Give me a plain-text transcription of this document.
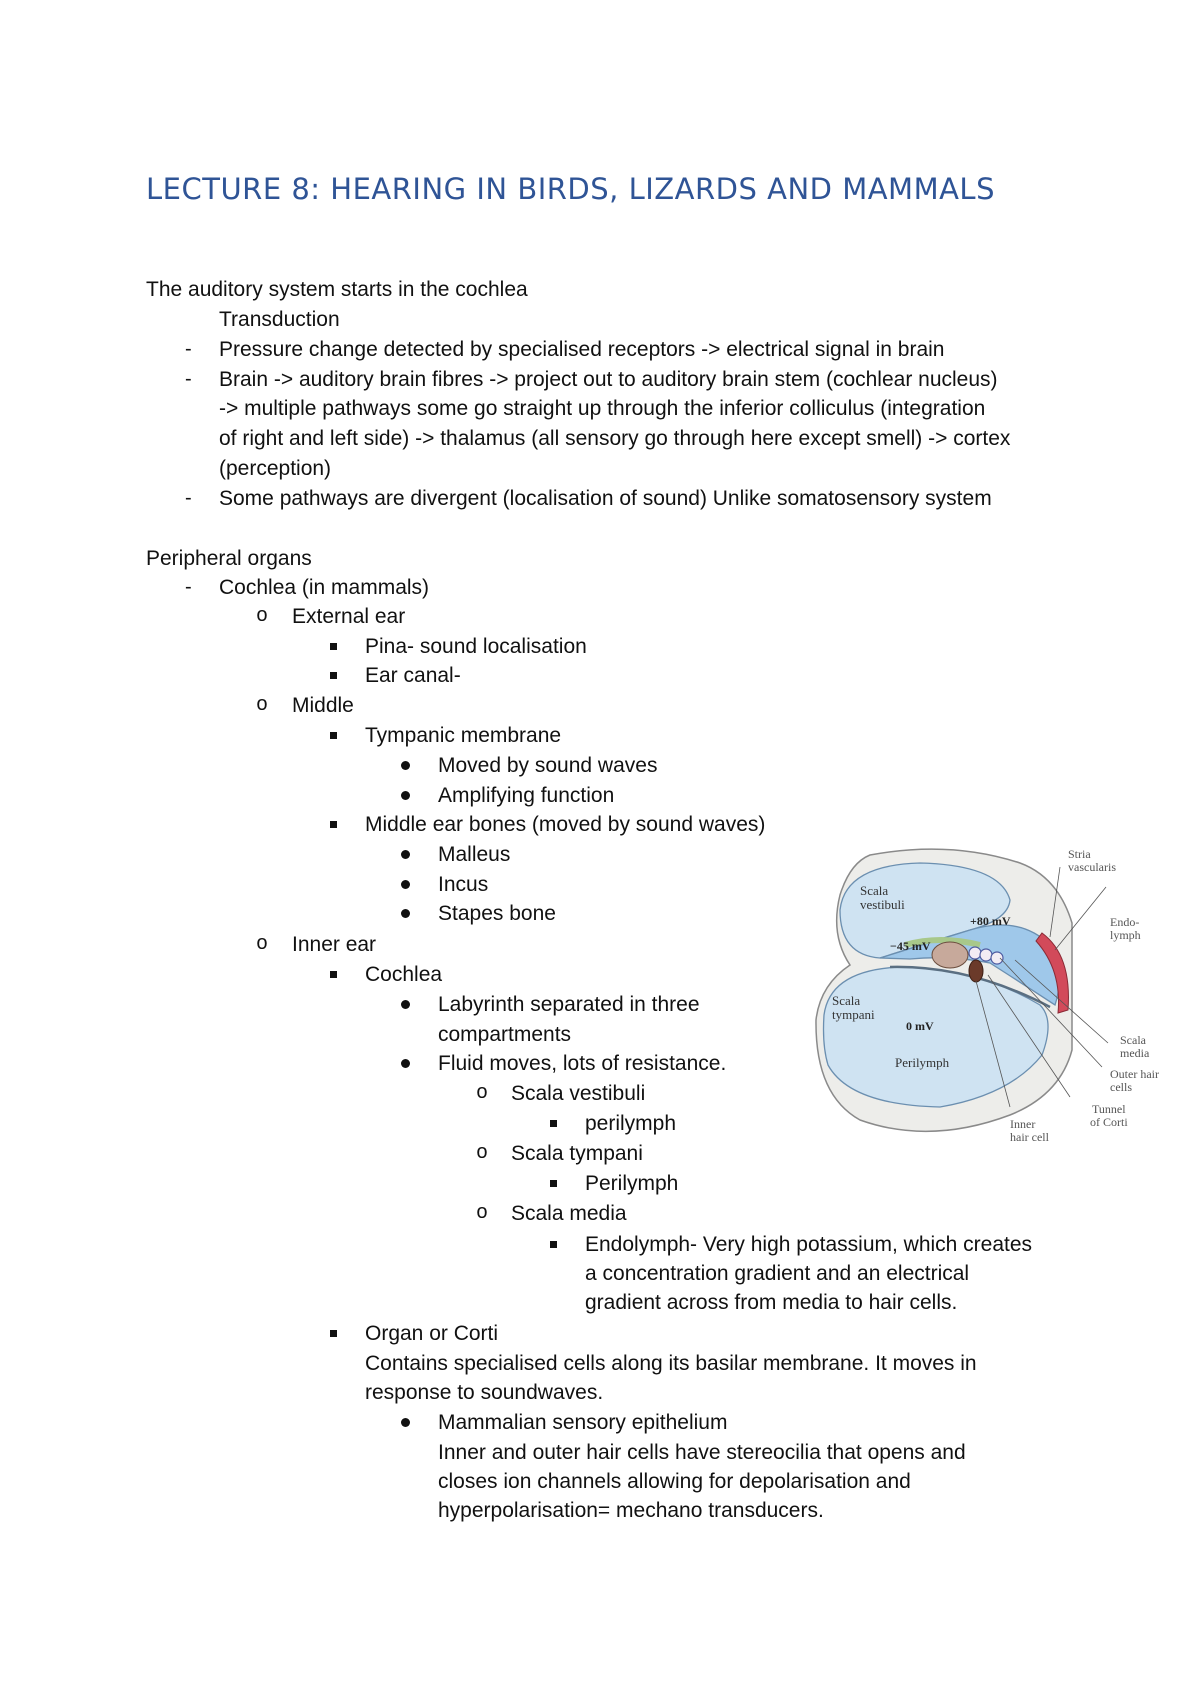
LECTURE 8: HEARING IN BIRDS, LIZARDS AND MAMMALS
The auditory system starts in the cochlea
Transduction
- Pressure change detected by specialised receptors -> electrical signal in brain
- Brain -> auditory brain fibres -> project out to auditory brain stem (cochlear nucleus)
-> multiple pathways some go straight up through the inferior colliculus (integration
of right and left side) -> thalamus (all sensory go through here except smell) -> cortex
(perception)
- Some pathways are divergent (localisation of sound) Unlike somatosensory system
Peripheral organs
- Cochlea (in mammals)
o External ear
Pina- sound localisation
Ear canal-
o Middle
Tympanic membrane
Moved by sound waves
Amplifying function
Middle ear bones (moved by sound waves)
Malleus
Incus
Stapes bone
o Inner ear
Cochlea
Labyrinth separated in three
compartments
Fluid moves, lots of resistance.
o Scala vestibuli
perilymph
o Scala tympani
Perilymph
o Scala media
Endolymph- Very high potassium, which creates
a concentration gradient and an electrical
gradient across from media to hair cells.
Organ or Corti
Contains specialised cells along its basilar membrane. It moves in
response to soundwaves.
Mammalian sensory epithelium
Inner and outer hair cells have stereocilia that opens and
closes ion channels allowing for depolarisation and
hyperpolarisation= mechano transducers.
Scala
vestibuli
+80 mV
−45 mV
Scala
tympani
0 mV
Perilymph
Stria
vascularis
Endo-
lymph
Scala
media
Outer hair
cells
Tunnel
of Corti
Inner
hair cell
